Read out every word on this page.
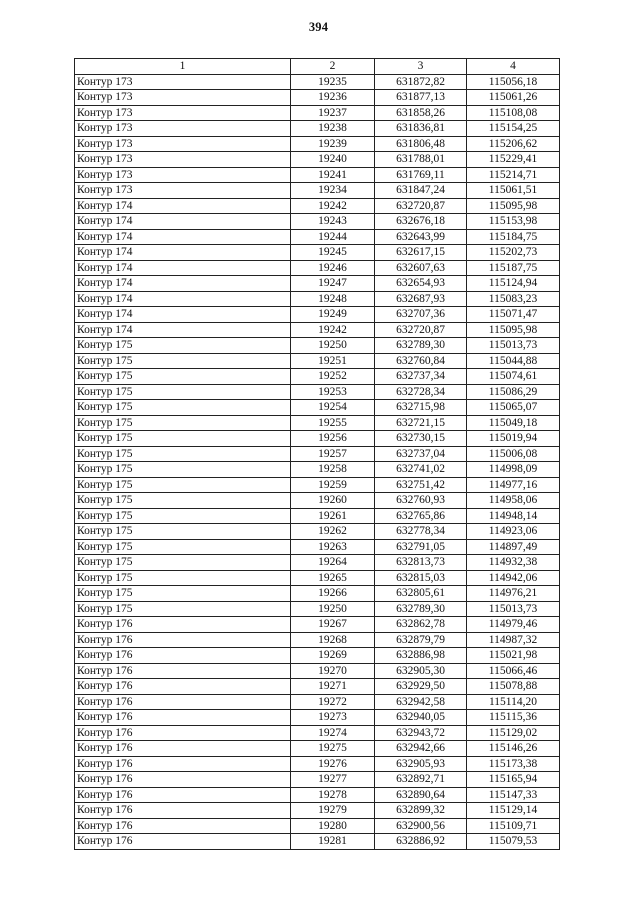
394
1	2	3	4
Контур 173	19235	631872,82	115056,18
Контур 173	19236	631877,13	115061,26
Контур 173	19237	631858,26	115108,08
Контур 173	19238	631836,81	115154,25
Контур 173	19239	631806,48	115206,62
Контур 173	19240	631788,01	115229,41
Контур 173	19241	631769,11	115214,71
Контур 173	19234	631847,24	115061,51
Контур 174	19242	632720,87	115095,98
Контур 174	19243	632676,18	115153,98
Контур 174	19244	632643,99	115184,75
Контур 174	19245	632617,15	115202,73
Контур 174	19246	632607,63	115187,75
Контур 174	19247	632654,93	115124,94
Контур 174	19248	632687,93	115083,23
Контур 174	19249	632707,36	115071,47
Контур 174	19242	632720,87	115095,98
Контур 175	19250	632789,30	115013,73
Контур 175	19251	632760,84	115044,88
Контур 175	19252	632737,34	115074,61
Контур 175	19253	632728,34	115086,29
Контур 175	19254	632715,98	115065,07
Контур 175	19255	632721,15	115049,18
Контур 175	19256	632730,15	115019,94
Контур 175	19257	632737,04	115006,08
Контур 175	19258	632741,02	114998,09
Контур 175	19259	632751,42	114977,16
Контур 175	19260	632760,93	114958,06
Контур 175	19261	632765,86	114948,14
Контур 175	19262	632778,34	114923,06
Контур 175	19263	632791,05	114897,49
Контур 175	19264	632813,73	114932,38
Контур 175	19265	632815,03	114942,06
Контур 175	19266	632805,61	114976,21
Контур 175	19250	632789,30	115013,73
Контур 176	19267	632862,78	114979,46
Контур 176	19268	632879,79	114987,32
Контур 176	19269	632886,98	115021,98
Контур 176	19270	632905,30	115066,46
Контур 176	19271	632929,50	115078,88
Контур 176	19272	632942,58	115114,20
Контур 176	19273	632940,05	115115,36
Контур 176	19274	632943,72	115129,02
Контур 176	19275	632942,66	115146,26
Контур 176	19276	632905,93	115173,38
Контур 176	19277	632892,71	115165,94
Контур 176	19278	632890,64	115147,33
Контур 176	19279	632899,32	115129,14
Контур 176	19280	632900,56	115109,71
Контур 176	19281	632886,92	115079,53
